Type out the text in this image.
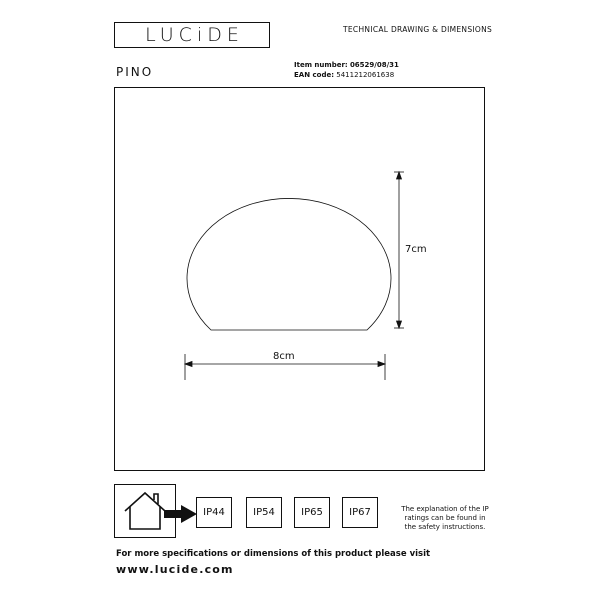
LUCiDE	TECHNICAL DRAWING & DIMENSIONS
PINO	Item number: 06529/08/31
EAN code: 5411212061638
7cm
8cm
IP44	IP54	IP65	IP67	The explanation of the IP ratings can be found in the safety instructions.
For more specifications or dimensions of this product please visit
www.lucide.com
